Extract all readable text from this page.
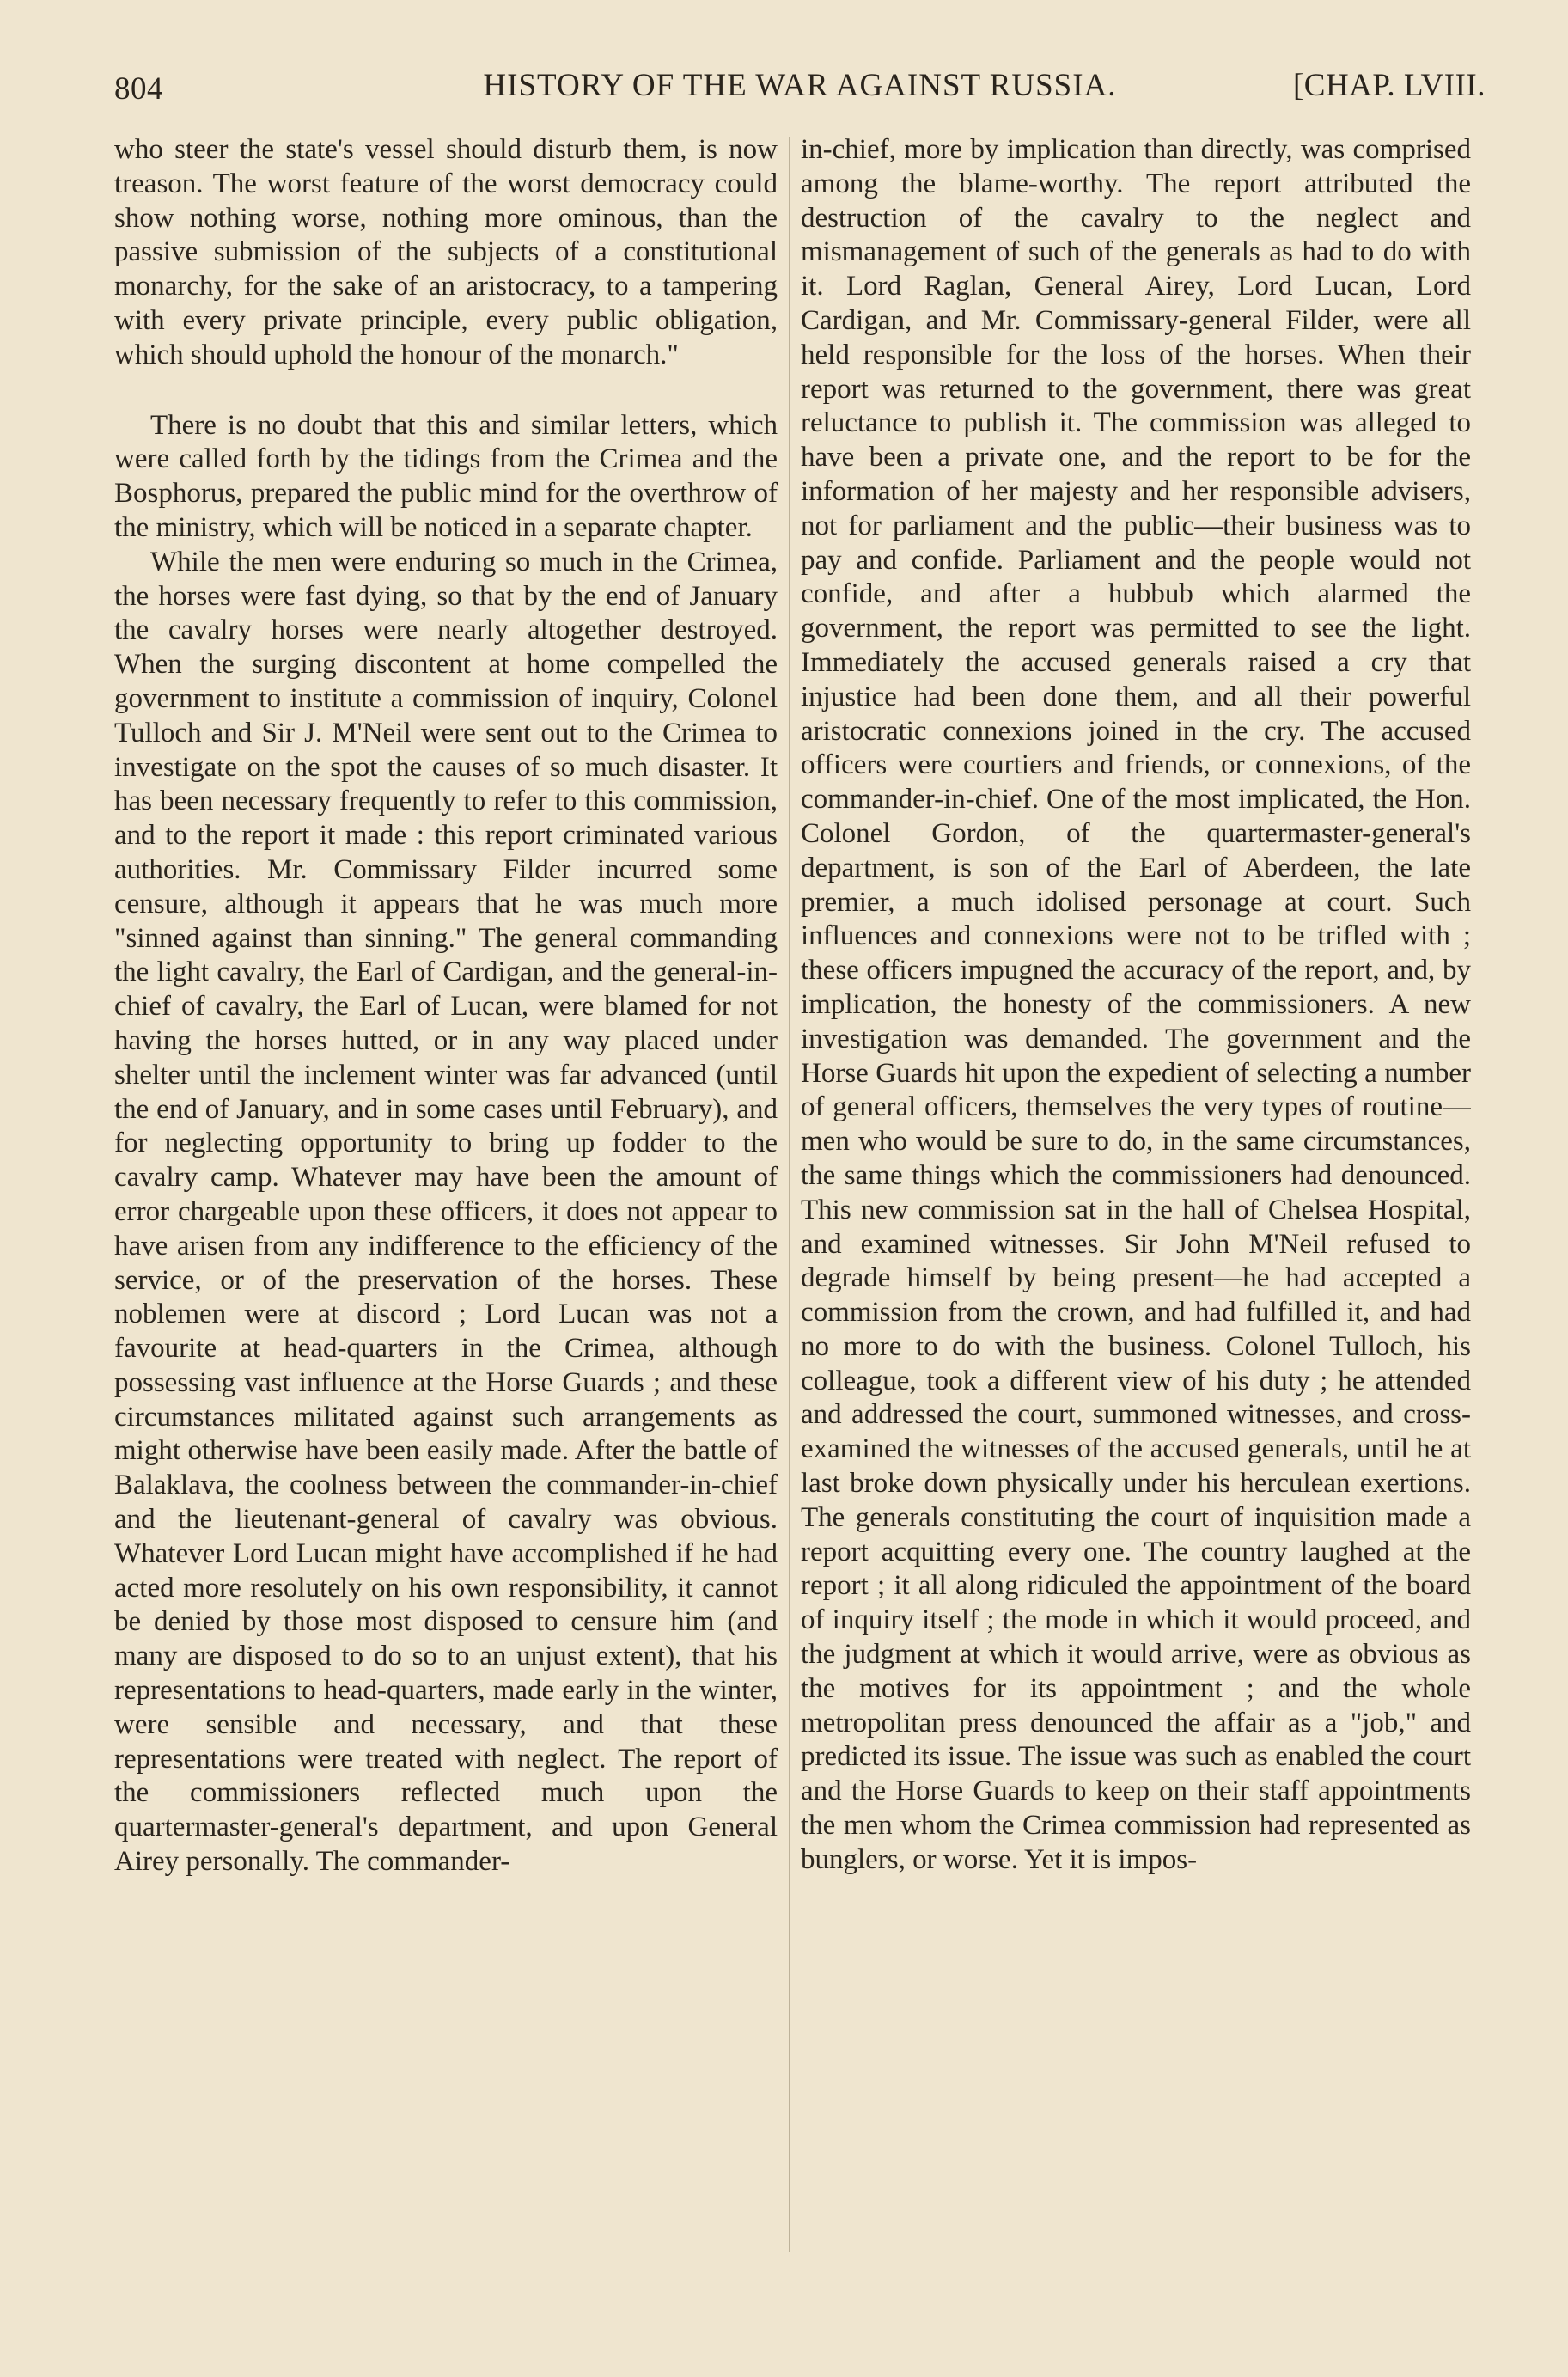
804	HISTORY OF THE WAR AGAINST RUSSIA.	[CHAP. LVIII.

who steer the state's vessel should disturb them, is now treason. The worst feature of the worst democracy could show nothing worse, nothing more ominous, than the passive submission of the subjects of a constitutional monarchy, for the sake of an aristocracy, to a tampering with every private principle, every public obligation, which should uphold the honour of the monarch."

There is no doubt that this and similar letters, which were called forth by the tidings from the Crimea and the Bosphorus, prepared the public mind for the overthrow of the ministry, which will be noticed in a separate chapter.

While the men were enduring so much in the Crimea, the horses were fast dying, so that by the end of January the cavalry horses were nearly altogether destroyed. When the surging discontent at home compelled the government to institute a commission of inquiry, Colonel Tulloch and Sir J. M'Neil were sent out to the Crimea to investigate on the spot the causes of so much disaster. It has been necessary frequently to refer to this commission, and to the report it made : this report criminated various authorities. Mr. Commissary Filder incurred some censure, although it appears that he was much more "sinned against than sinning." The general commanding the light cavalry, the Earl of Cardigan, and the general-in-chief of cavalry, the Earl of Lucan, were blamed for not having the horses hutted, or in any way placed under shelter until the inclement winter was far advanced (until the end of January, and in some cases until February), and for neglecting opportunity to bring up fodder to the cavalry camp. Whatever may have been the amount of error chargeable upon these officers, it does not appear to have arisen from any indifference to the efficiency of the service, or of the preservation of the horses. These noblemen were at discord ; Lord Lucan was not a favourite at head-quarters in the Crimea, although possessing vast influence at the Horse Guards ; and these circumstances militated against such arrangements as might otherwise have been easily made. After the battle of Balaklava, the coolness between the commander-in-chief and the lieutenant-general of cavalry was obvious. Whatever Lord Lucan might have accomplished if he had acted more resolutely on his own responsibility, it cannot be denied by those most disposed to censure him (and many are disposed to do so to an unjust extent), that his representations to head-quarters, made early in the winter, were sensible and necessary, and that these representations were treated with neglect. The report of the commissioners reflected much upon the quartermaster-general's department, and upon General Airey personally. The commander-

in-chief, more by implication than directly, was comprised among the blame-worthy. The report attributed the destruction of the cavalry to the neglect and mismanagement of such of the generals as had to do with it. Lord Raglan, General Airey, Lord Lucan, Lord Cardigan, and Mr. Commissary-general Filder, were all held responsible for the loss of the horses. When their report was returned to the government, there was great reluctance to publish it. The commission was alleged to have been a private one, and the report to be for the information of her majesty and her responsible advisers, not for parliament and the public—their business was to pay and confide. Parliament and the people would not confide, and after a hubbub which alarmed the government, the report was permitted to see the light. Immediately the accused generals raised a cry that injustice had been done them, and all their powerful aristocratic connexions joined in the cry. The accused officers were courtiers and friends, or connexions, of the commander-in-chief. One of the most implicated, the Hon. Colonel Gordon, of the quartermaster-general's department, is son of the Earl of Aberdeen, the late premier, a much idolised personage at court. Such influences and connexions were not to be trifled with ; these officers impugned the accuracy of the report, and, by implication, the honesty of the commissioners. A new investigation was demanded. The government and the Horse Guards hit upon the expedient of selecting a number of general officers, themselves the very types of routine—men who would be sure to do, in the same circumstances, the same things which the commissioners had denounced. This new commission sat in the hall of Chelsea Hospital, and examined witnesses. Sir John M'Neil refused to degrade himself by being present—he had accepted a commission from the crown, and had fulfilled it, and had no more to do with the business. Colonel Tulloch, his colleague, took a different view of his duty ; he attended and addressed the court, summoned witnesses, and cross-examined the witnesses of the accused generals, until he at last broke down physically under his herculean exertions. The generals constituting the court of inquisition made a report acquitting every one. The country laughed at the report ; it all along ridiculed the appointment of the board of inquiry itself ; the mode in which it would proceed, and the judgment at which it would arrive, were as obvious as the motives for its appointment ; and the whole metropolitan press denounced the affair as a "job," and predicted its issue. The issue was such as enabled the court and the Horse Guards to keep on their staff appointments the men whom the Crimea commission had represented as bunglers, or worse. Yet it is impos-
